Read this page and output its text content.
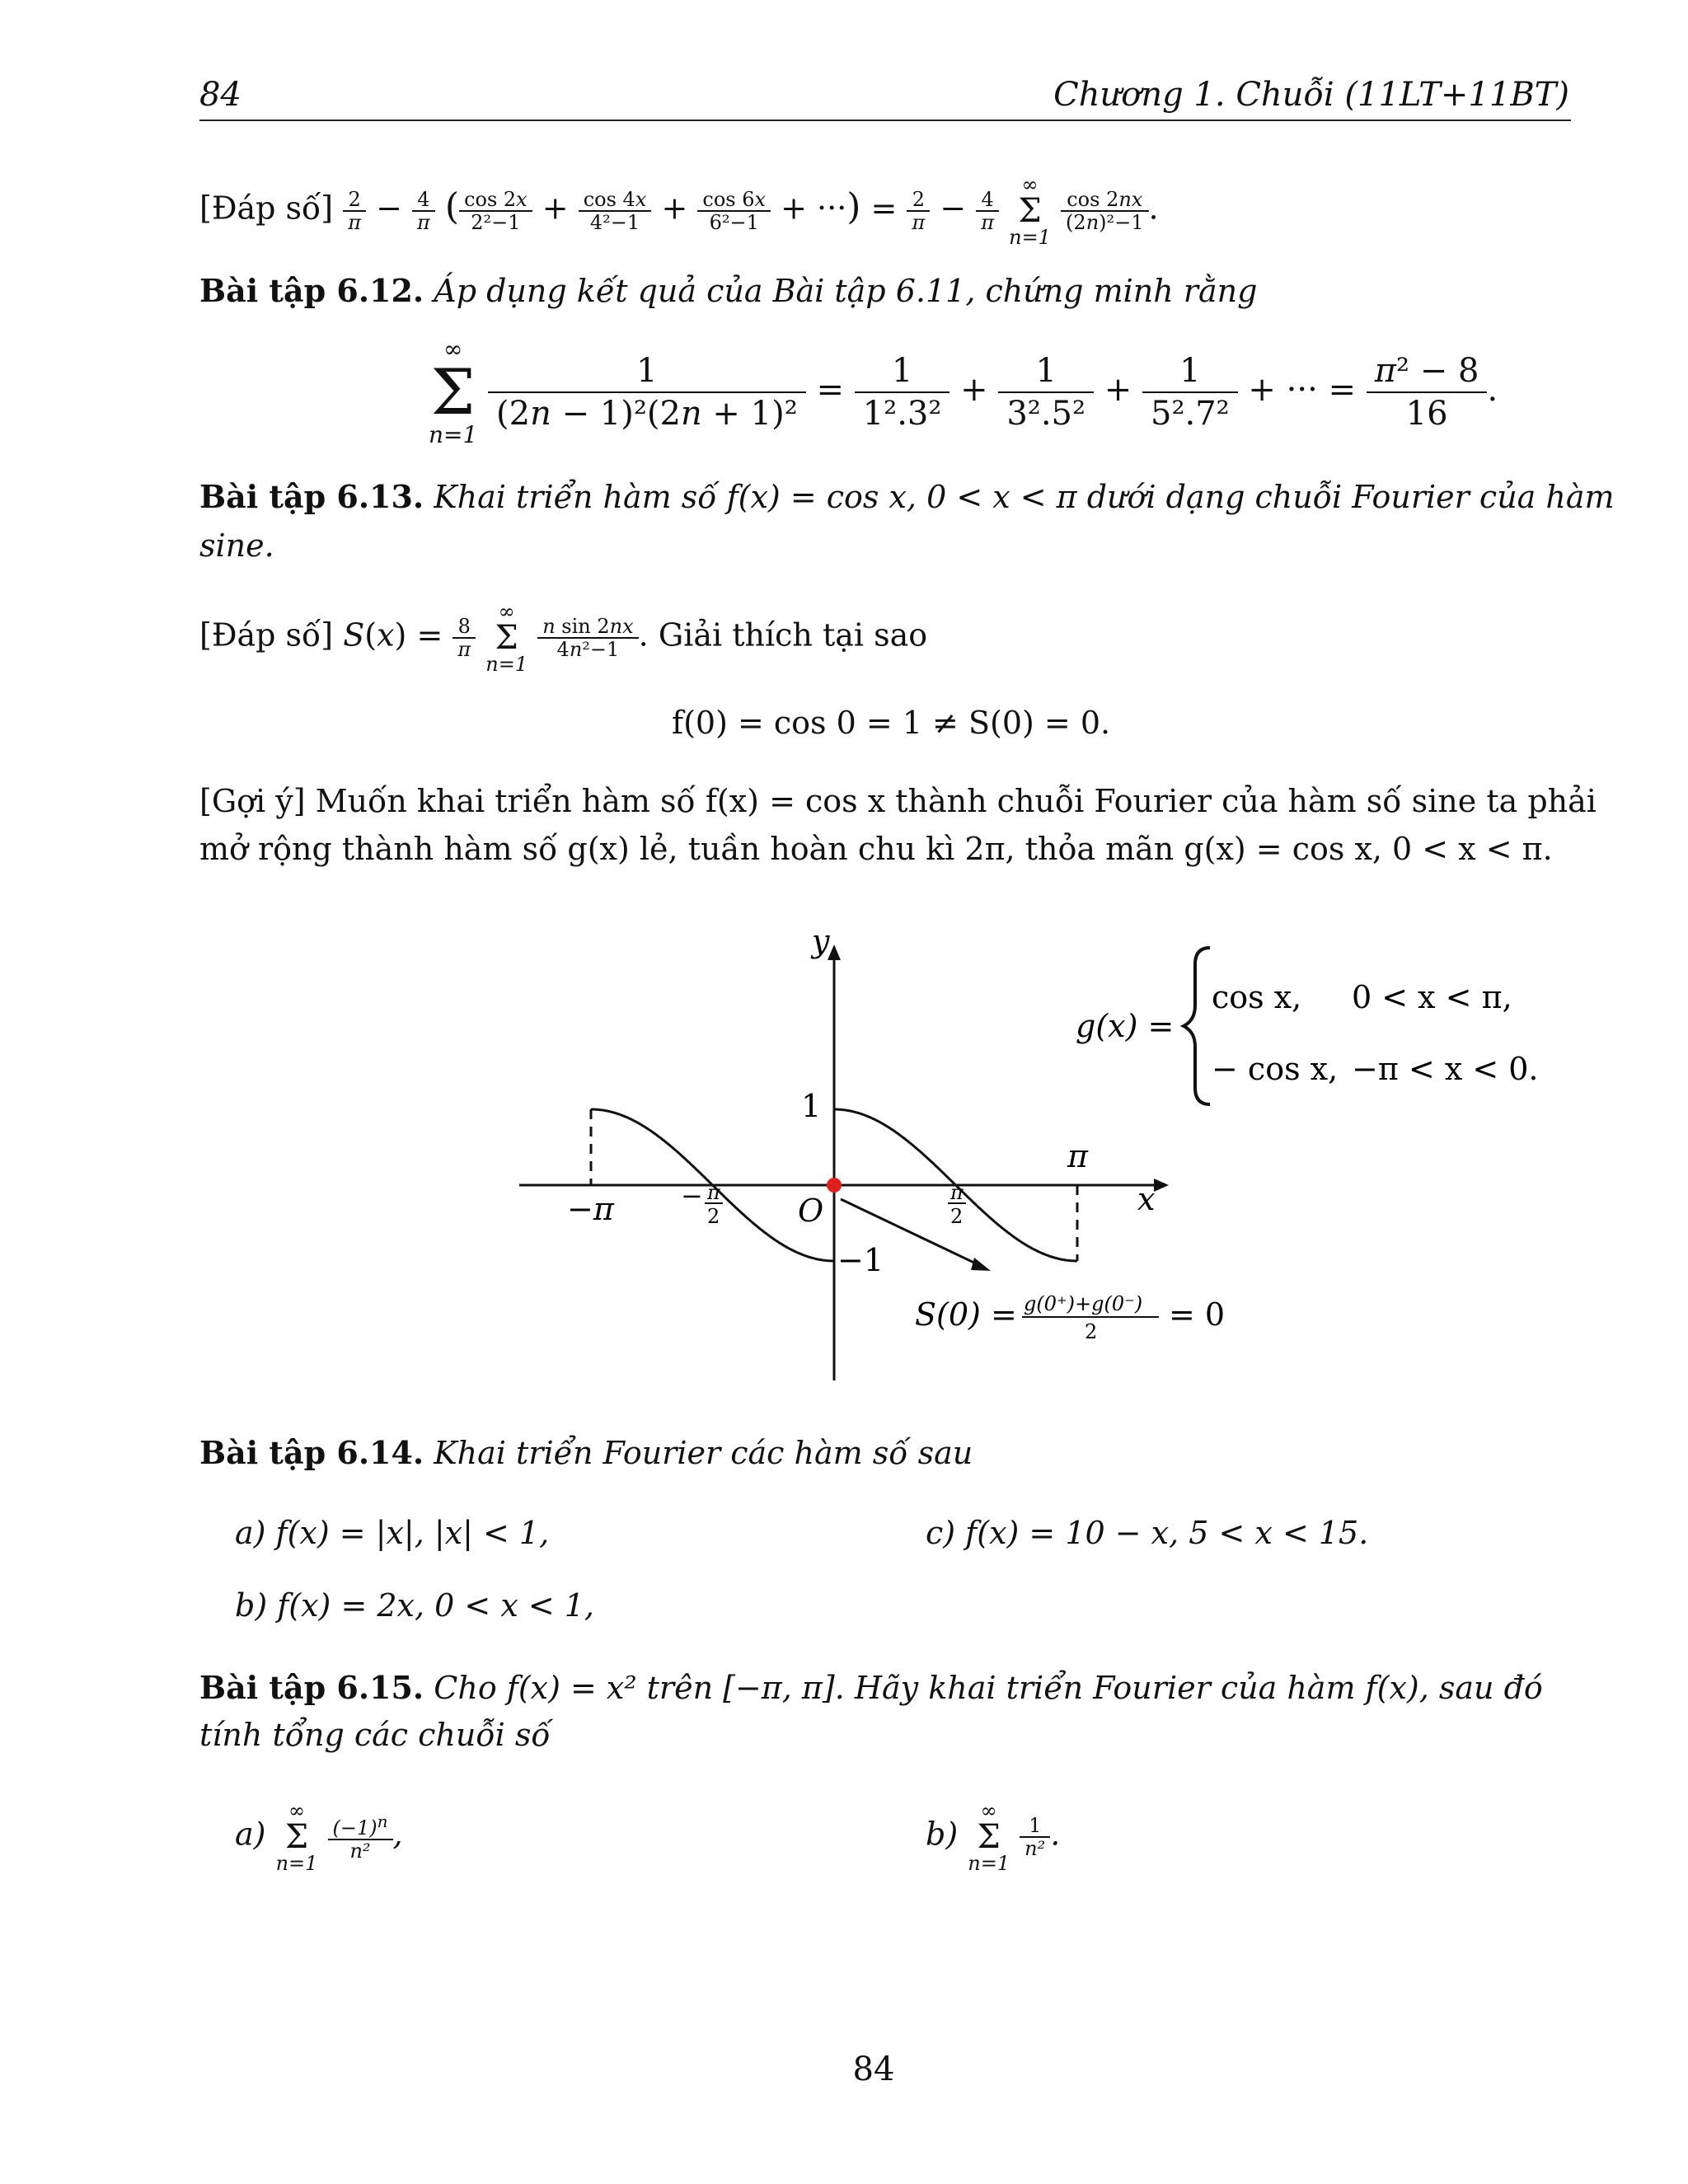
84	Chương 1. Chuỗi (11LT+11BT)
[Đáp số] $\frac{2}{\pi} - \frac{4}{\pi}$ ( $\frac{\cos 2x}{\text{2²−1}} + \frac{\cos 4x}{\text{4²−1}} + \frac{\cos 6x}{\text{6²−1}}$ + ···) = $\frac{2}{\pi} - \frac{4}{\pi}$

∞
Σ
n=1

$\frac{\cos 2nx}{\text{(2n)²−1}}$ .
Bài tập 6.12. Áp dụng kết quả của Bài tập 6.11, chứng minh rằng
∞
Σ
n=1

$\frac{1}{\text{(2n − 1)²(2n + 1)²}} = \frac{1}{\text{1².3²}} + \frac{1}{\text{3².5²}} + \frac{1}{\text{5².7²}}$ + ··· = $\frac{\text{π² − 8}}{16}$ .
Bài tập 6.13. Khai triển hàm số f(x) = cos x, 0 < x < π dưới dạng chuỗi Fourier của hàm
sine.
[Đáp số] $S(x) = \frac{8}{\pi}$

∞
Σ
n=1

$\frac{\text{n sin 2nx}}{\text{4n²−1}}$ . Giải thích tại sao
f(0) = cos 0 = 1 ≠ S(0) = 0.
[Gợi ý] Muốn khai triển hàm số f(x) = cos x thành chuỗi Fourier của hàm số sine ta phải
mở rộng thành hàm số g(x) lẻ, tuần hoàn chu kì 2π, thỏa mãn g(x) = cos x, 0 < x < π.
y
x
O
1
−1
π
−π	π
2
− π
2
g(x) =
cos x, 0 < x < π,
− cos x, −π < x < 0.
S(0) = g(0⁺)+g(0⁻)
2 = 0
S(0) = (g(0⁺)+g(0⁻))/2 = 0
Bài tập 6.14. Khai triển Fourier các hàm số sau
a) f(x) = |x|, |x| < 1,	c) f(x) = 10 − x, 5 < x < 15.
b) f(x) = 2x, 0 < x < 1,
Bài tập 6.15. Cho f(x) = x² trên [−π, π]. Hãy khai triển Fourier của hàm f(x), sau đó
tính tổng các chuỗi số
a)
∞
Σ
n=1

$\frac{(-1)^n}{\text{n²}}$ ,	b)
∞
Σ
n=1

$\frac{1}{\text{n²}}$ .
84
